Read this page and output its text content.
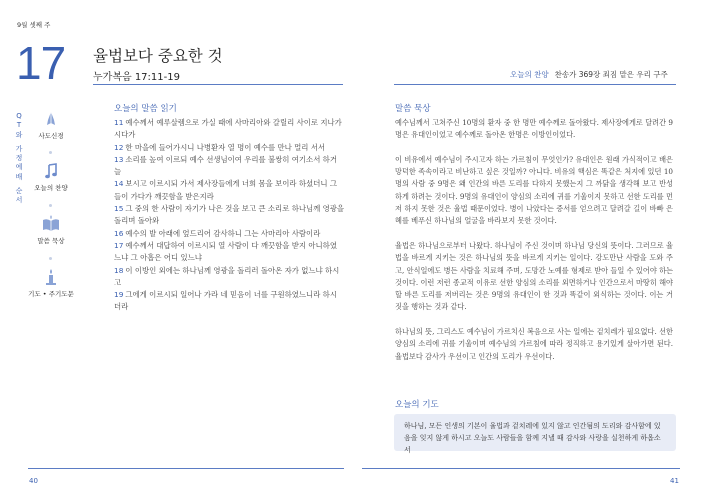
9월 셋째 주
17 율법보다 중요한 것
누가복음 17:11-19	오늘의 찬양 찬송가 369장 죄짐 맡은 우리 구주
Q
T
와
가
정
예
배
순
서
사도신경
오늘의 찬양
말씀 묵상
기도 • 주기도문
오늘의 말씀 읽기
11 예수께서 예루살렘으로 가실 때에 사마리아와 갈릴리 사이로 지나가시다가
12 한 마을에 들어가시니 나병환자 열 명이 예수를 만나 멀리 서서
13 소리를 높여 이르되 예수 선생님이여 우리를 불쌍히 여기소서 하거늘
14 보시고 이르시되 가서 제사장들에게 너희 몸을 보이라 하셨더니 그들이 가다가 깨끗함을 받은지라
15 그 중의 한 사람이 자기가 나은 것을 보고 큰 소리로 하나님께 영광을 돌리며 돌아와
16 예수의 발 아래에 엎드리어 감사하니 그는 사마리아 사람이라
17 예수께서 대답하여 이르시되 열 사람이 다 깨끗함을 받지 아니하였느냐 그 아홉은 어디 있느냐
18 이 이방인 외에는 하나님께 영광을 돌리러 돌아온 자가 없느냐 하시고
19 그에게 이르시되 일어나 가라 네 믿음이 너를 구원하였느니라 하시더라
말씀 묵상

예수님께서 고쳐주신 10명의 환자 중 한 명만 예수께로 돌아왔다. 제사장에게로 달려간 9명은 유대인이었고 예수께로 돌아온 한명은 이방인이었다.

이 비유에서 예수님이 주시고자 하는 가르침이 무엇인가? 유대인은 원래 가식적이고 배은 망덕한 족속이라고 비난하고 싶은 것일까? 아니다. 비유의 핵심은 똑같은 처지에 있던 10명의 사람 중 9명은 왜 인간의 바른 도리를 다하지 못했는지 그 까닭을 생각해 보고 반성하게 하려는 것이다. 9명의 유대인이 양심의 소리에 귀를 기울이지 못하고 선한 도리를 먼저 하지 못한 것은 율법 때문이었다. 병이 나았다는 증서를 얻으려고 달려갈 길이 바빠 은혜를 베푸신 하나님의 얼굴을 바라보지 못한 것이다.

율법은 하나님으로부터 나왔다. 하나님이 주신 것이며 하나님 당신의 뜻이다. 그러므로 율법을 바르게 지키는 것은 하나님의 뜻을 바르게 지키는 일이다. 강도만난 사람을 도와 주고, 안식일에도 병든 사람을 치료해 주며, 도망간 노예를 형제로 받아 들일 수 있어야 하는 것이다. 이런 저런 종교적 이유로 선한 양심의 소리를 외면하거나 인간으로서 마땅히 해야 할 바른 도리를 저버리는 것은 9명의 유대인이 한 것과 똑같이 외식하는 것이다. 이는 거짓을 행하는 것과 같다.

하나님의 뜻, 그리스도 예수님이 가르치신 복음으로 사는 일에는 겉치레가 필요없다. 선한 양심의 소리에 귀를 기울이며 예수님의 가르침에 따라 정직하고 용기있게 살아가면 된다. 율법보다 감사가 우선이고 인간의 도리가 우선이다.

오늘의 기도
하나님, 모든 인생의 기본이 율법과 겉치레에 있지 않고 인간됨의 도리와 감사함에 있음을 잊지 않게 하시고 오늘도 사람들을 함께 지낼 때 감사와 사랑을 실천하게 하옵소서
40	41
